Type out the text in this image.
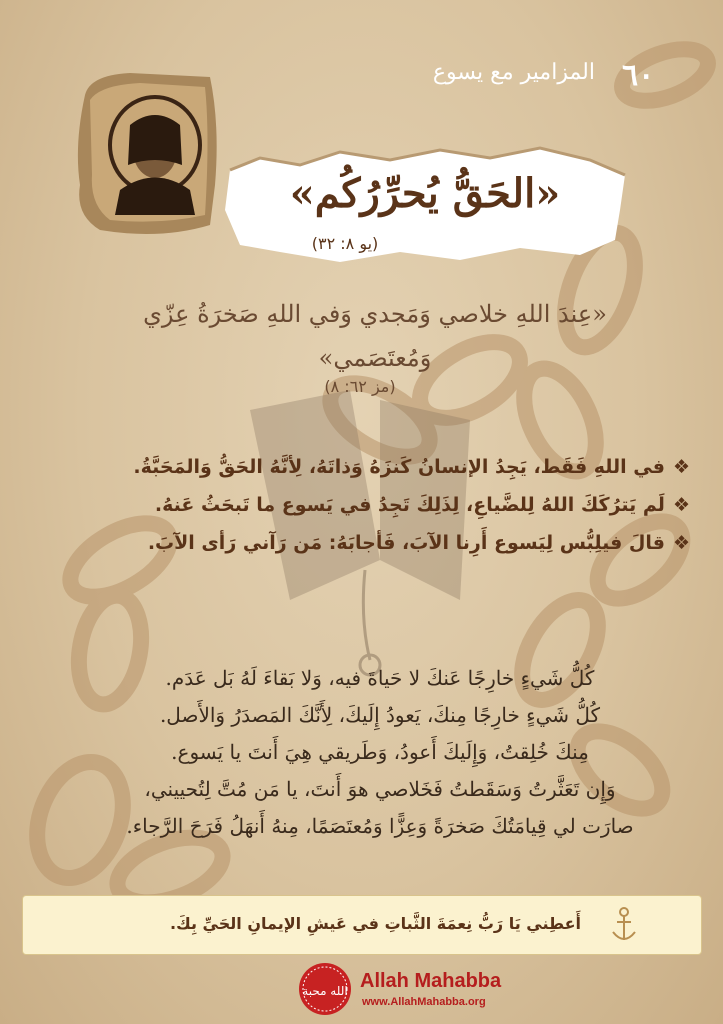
٦٠
المزامير مع يسوع
«الحَقُّ يُحرِّرُكُم»
(يو ٨: ٣٢)
«عِندَ اللهِ خلاصي وَمَجدي وَفي اللهِ صَخرَةُ عِزّي
وَمُعتَصَمي»
(مز ٦٢: ٨)
❖في اللهِ فَقَط، يَجِدُ الإنسانُ كَنزَهُ وَذاتَهُ، لِأنَّهُ الحَقُّ وَالمَحَبَّةُ.
❖لَم يَترُكَكَ اللهُ لِلضَّياعِ، لِذَلِكَ تَجِدُ في يَسوع ما تَبحَثُ عَنهُ.
❖قالَ فيلِبُّس لِيَسوع أَرِنا الآبَ، فَأجابَهُ: مَن رَآني رَأى الآبَ.
كُلُّ شَيءٍ خارِجًا عَنكَ لا حَياةَ فيه، وَلا بَقاءَ لَهُ بَل عَدَم.
كُلُّ شَيءٍ خارِجًا مِنكَ، يَعودُ إِلَيكَ، لِأَنَّكَ المَصدَرُ وَالأَصل.
مِنكَ خُلِقتُ، وَإِلَيكَ أَعودُ، وَطَريقي هِيَ أَنتَ يا يَسوع.
وَإِن تَعَثَّرتُ وَسَقَطتُ فَخَلاصي هوَ أَنتَ، يا مَن مُتَّ لِتُحييني،
صارَت لي قِيامَتُكَ صَخرَةً وَعِزًّا وَمُعتَصَمًا، مِنهُ أَنهَلُ فَرَحَ الرَّجاء.
أَعطِني يَا رَبُّ نِعمَةَ الثَّباتِ في عَيشِ الإيمانِ الحَيِّ بِكَ.
الله محبة Allah Mahabba
www.AllahMahabba.org
